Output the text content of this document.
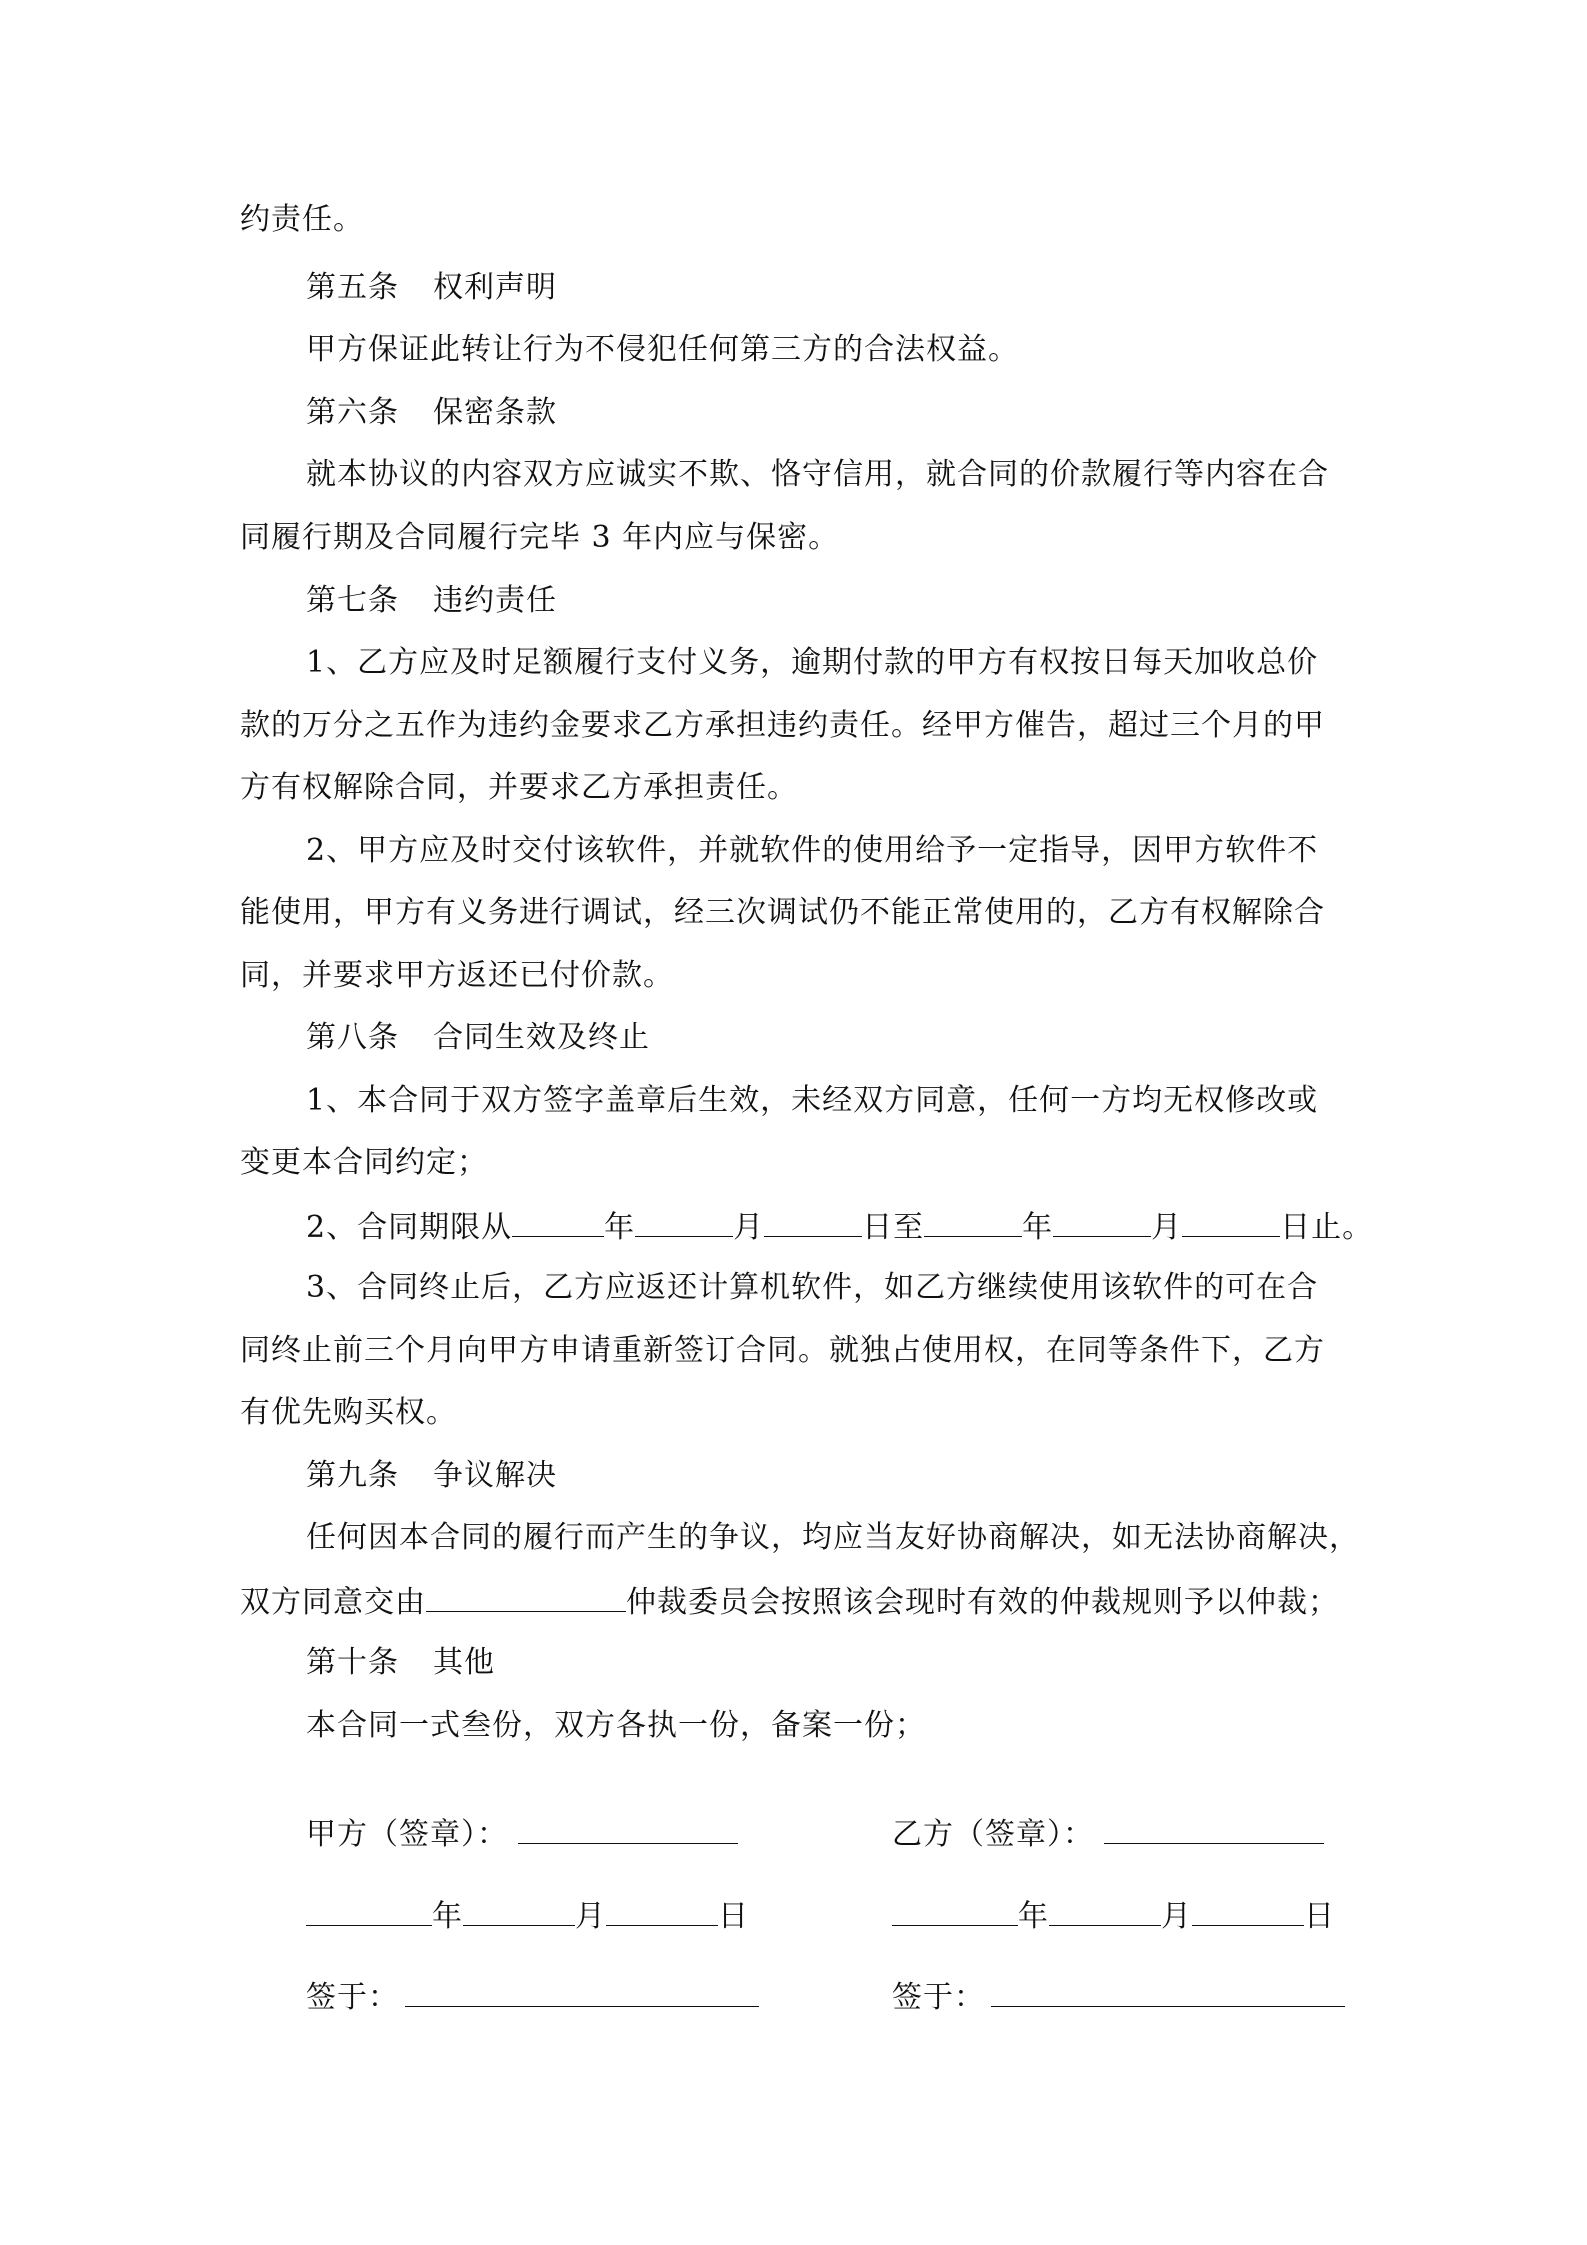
约责任。
第五条 权利声明
甲方保证此转让行为不侵犯任何第三方的合法权益。
第六条 保密条款
就本协议的内容双方应诚实不欺、恪守信用，就合同的价款履行等内容在合
同履行期及合同履行完毕 3 年内应与保密。
第七条 违约责任
1、乙方应及时足额履行支付义务，逾期付款的甲方有权按日每天加收总价
款的万分之五作为违约金要求乙方承担违约责任。经甲方催告，超过三个月的甲
方有权解除合同，并要求乙方承担责任。
2、甲方应及时交付该软件，并就软件的使用给予一定指导，因甲方软件不
能使用，甲方有义务进行调试，经三次调试仍不能正常使用的，乙方有权解除合
同，并要求甲方返还已付价款。
第八条 合同生效及终止
1、本合同于双方签字盖章后生效，未经双方同意，任何一方均无权修改或
变更本合同约定；
2、合同期限从	年	月	日至	年	月	日止。
3、合同终止后，乙方应返还计算机软件，如乙方继续使用该软件的可在合
同终止前三个月向甲方申请重新签订合同。就独占使用权，在同等条件下，乙方
有优先购买权。
第九条 争议解决
任何因本合同的履行而产生的争议，均应当友好协商解决，如无法协商解决，
双方同意交由	仲裁委员会按照该会现时有效的仲裁规则予以仲裁；
第十条 其他
本合同一式叁份，双方各执一份，备案一份；
甲方（签章）：	乙方（签章）：
年	月	日	年	月	日
签于：	签于：
